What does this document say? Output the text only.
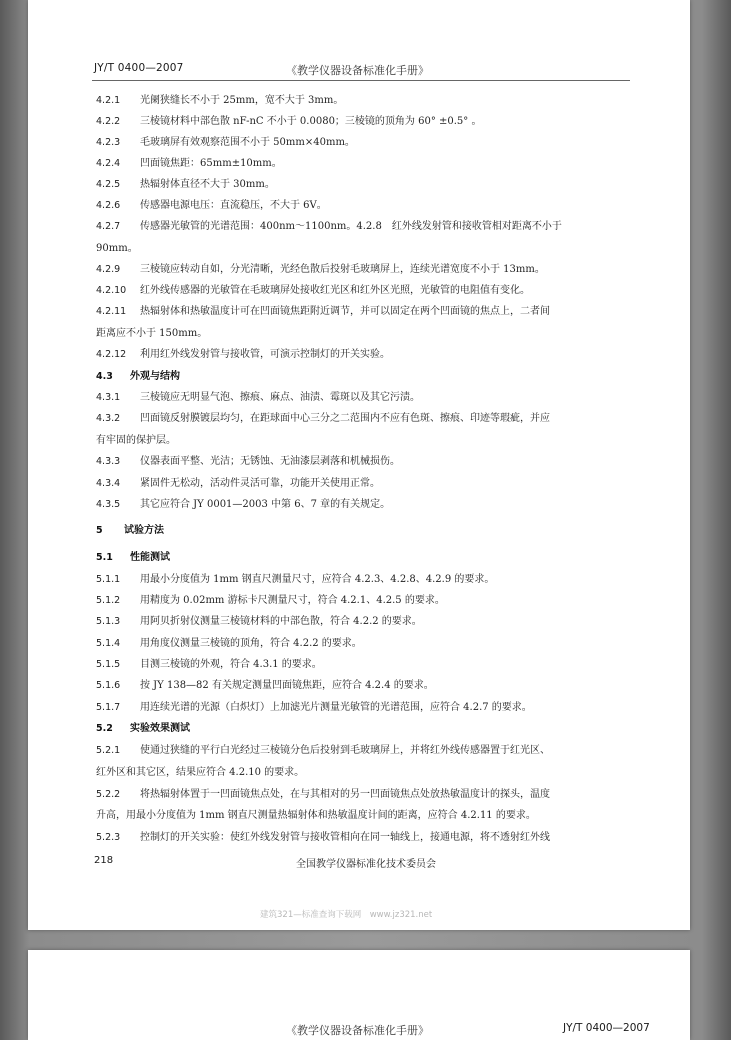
JY/T 0400—2007	《教学仪器设备标准化手册》
4.2.1 光阑狭缝长不小于 25mm，宽不大于 3mm。
4.2.2 三棱镜材料中部色散 nF-nC 不小于 0.0080；三棱镜的顶角为 60° ±0.5° 。
4.2.3 毛玻璃屏有效观察范围不小于 50mm×40mm。
4.2.4 凹面镜焦距：65mm±10mm。
4.2.5 热辐射体直径不大于 30mm。
4.2.6 传感器电源电压：直流稳压，不大于 6V。
4.2.7 传感器光敏管的光谱范围：400nm～1100nm。4.2.8　红外线发射管和接收管相对距离不小于
90mm。
4.2.9 三棱镜应转动自如，分光清晰，光经色散后投射毛玻璃屏上，连续光谱宽度不小于 13mm。
4.2.10 红外线传感器的光敏管在毛玻璃屏处接收红光区和红外区光照，光敏管的电阻值有变化。
4.2.11 热辐射体和热敏温度计可在凹面镜焦距附近调节，并可以固定在两个凹面镜的焦点上，二者间
距离应不小于 150mm。
4.2.12 利用红外线发射管与接收管，可演示控制灯的开关实验。
4.3 外观与结构
4.3.1 三棱镜应无明显气泡、擦痕、麻点、油渍、霉斑以及其它污渍。
4.3.2 凹面镜反射膜镀层均匀，在距球面中心三分之二范围内不应有色斑、擦痕、印迹等瑕疵，并应
有牢固的保护层。
4.3.3 仪器表面平整、光洁；无锈蚀、无油漆层剥落和机械损伤。
4.3.4 紧固件无松动，活动件灵活可靠，功能开关使用正常。
4.3.5 其它应符合 JY 0001—2003 中第 6、7 章的有关规定。
5 试验方法
5.1 性能测试
5.1.1 用最小分度值为 1mm 钢直尺测量尺寸，应符合 4.2.3、4.2.8、4.2.9 的要求。
5.1.2 用精度为 0.02mm 游标卡尺测量尺寸，符合 4.2.1、4.2.5 的要求。
5.1.3 用阿贝折射仪测量三棱镜材料的中部色散，符合 4.2.2 的要求。
5.1.4 用角度仪测量三棱镜的顶角，符合 4.2.2 的要求。
5.1.5 目测三棱镜的外观，符合 4.3.1 的要求。
5.1.6 按 JY 138—82 有关规定测量凹面镜焦距，应符合 4.2.4 的要求。
5.1.7 用连续光谱的光源（白炽灯）上加滤光片测量光敏管的光谱范围，应符合 4.2.7 的要求。
5.2 实验效果测试
5.2.1 使通过狭缝的平行白光经过三棱镜分色后投射到毛玻璃屏上，并将红外线传感器置于红光区、
红外区和其它区，结果应符合 4.2.10 的要求。
5.2.2 将热辐射体置于一凹面镜焦点处，在与其相对的另一凹面镜焦点处放热敏温度计的探头，温度
升高，用最小分度值为 1mm 钢直尺测量热辐射体和热敏温度计间的距离，应符合 4.2.11 的要求。
5.2.3 控制灯的开关实验：使红外线发射管与接收管相向在同一轴线上，接通电源，将不透射红外线
218	全国教学仪器标准化技术委员会
建筑321—标准查询下载网　www.jz321.net
《教学仪器设备标准化手册》	JY/T 0400—2007
